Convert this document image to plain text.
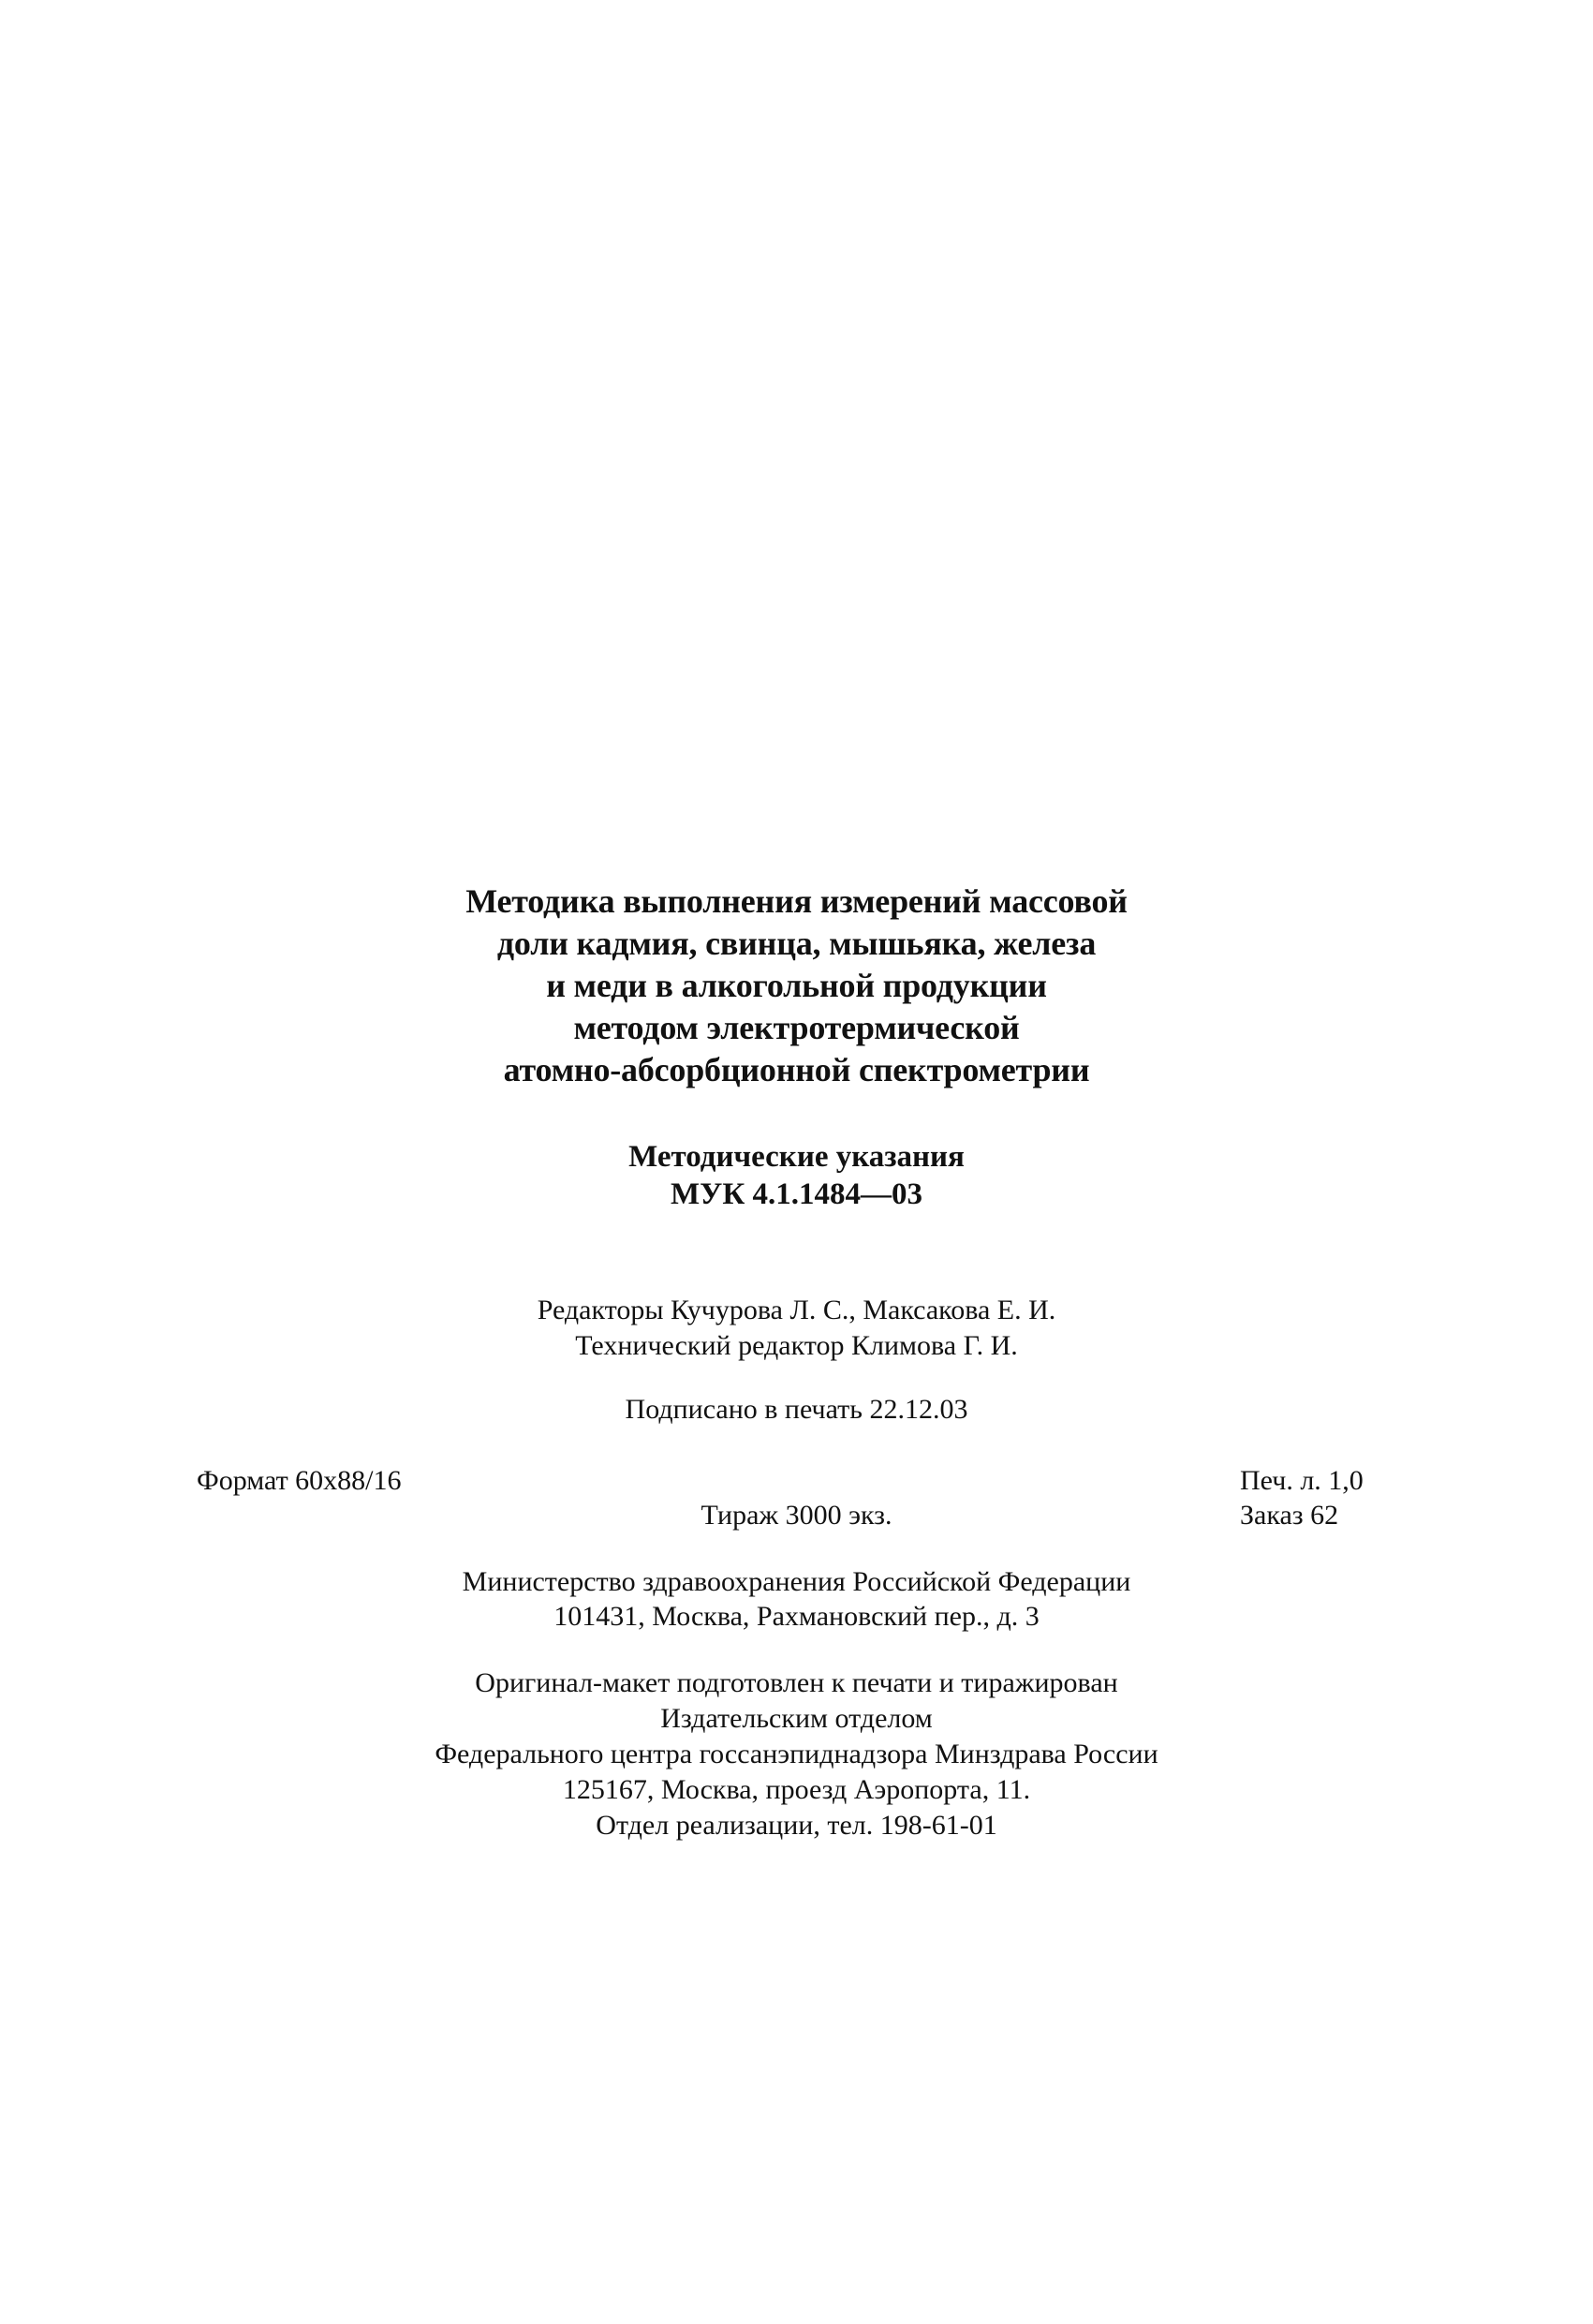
Методика выполнения измерений массовой
доли кадмия, свинца, мышьяка, железа
и меди в алкогольной продукции
методом электротермической
атомно-абсорбционной спектрометрии
Методические указания
МУК 4.1.1484—03
Редакторы Кучурова Л. С., Максакова Е. И.
Технический редактор Климова Г. И.
Подписано в печать 22.12.03
Формат 60x88/16	Печ. л. 1,0
Тираж 3000 экз.	Заказ 62
Министерство здравоохранения Российской Федерации
101431, Москва, Рахмановский пер., д. 3
Оригинал-макет подготовлен к печати и тиражирован
Издательским отделом
Федерального центра госсанэпиднадзора Минздрава России
125167, Москва, проезд Аэропорта, 11.
Отдел реализации, тел. 198-61-01
